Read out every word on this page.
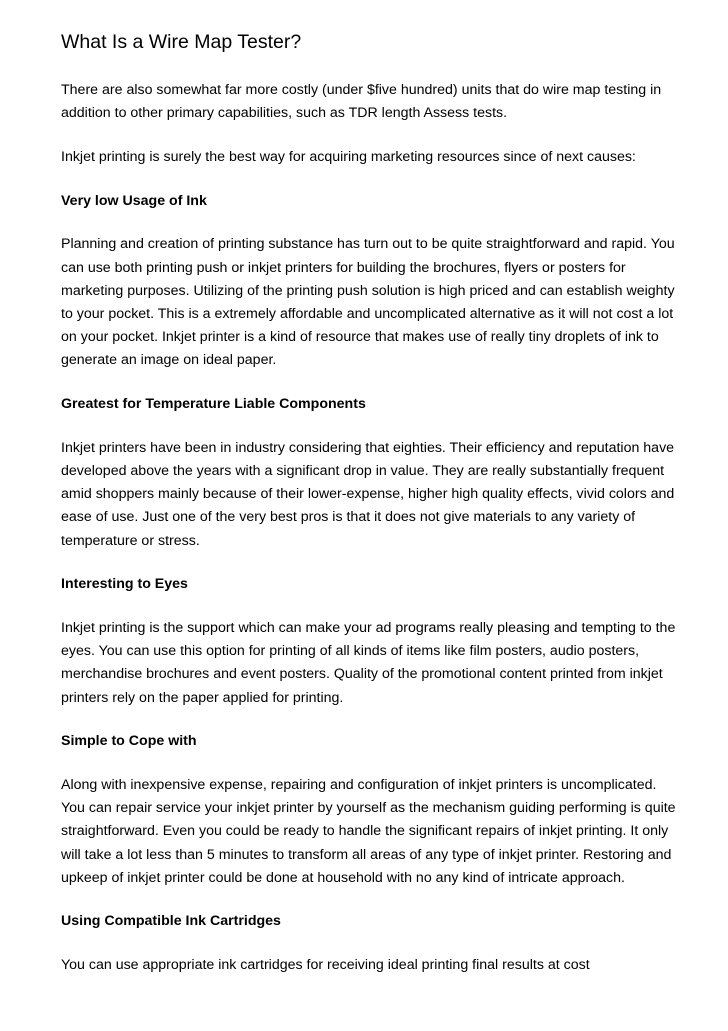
What Is a Wire Map Tester?

There are also somewhat far more costly (under $five hundred) units that do wire map testing in addition to other primary capabilities, such as TDR length Assess tests.

Inkjet printing is surely the best way for acquiring marketing resources since of next causes:

Very low Usage of Ink

Planning and creation of printing substance has turn out to be quite straightforward and rapid. You can use both printing push or inkjet printers for building the brochures, flyers or posters for marketing purposes. Utilizing of the printing push solution is high priced and can establish weighty to your pocket. This is a extremely affordable and uncomplicated alternative as it will not cost a lot on your pocket. Inkjet printer is a kind of resource that makes use of really tiny droplets of ink to generate an image on ideal paper.

Greatest for Temperature Liable Components

Inkjet printers have been in industry considering that eighties. Their efficiency and reputation have developed above the years with a significant drop in value. They are really substantially frequent amid shoppers mainly because of their lower-expense, higher high quality effects, vivid colors and ease of use. Just one of the very best pros is that it does not give materials to any variety of temperature or stress.

Interesting to Eyes

Inkjet printing is the support which can make your ad programs really pleasing and tempting to the eyes. You can use this option for printing of all kinds of items like film posters, audio posters, merchandise brochures and event posters. Quality of the promotional content printed from inkjet printers rely on the paper applied for printing.

Simple to Cope with

Along with inexpensive expense, repairing and configuration of inkjet printers is uncomplicated. You can repair service your inkjet printer by yourself as the mechanism guiding performing is quite straightforward. Even you could be ready to handle the significant repairs of inkjet printing. It only will take a lot less than 5 minutes to transform all areas of any type of inkjet printer. Restoring and upkeep of inkjet printer could be done at household with no any kind of intricate approach.

Using Compatible Ink Cartridges

You can use appropriate ink cartridges for receiving ideal printing final results at cost
